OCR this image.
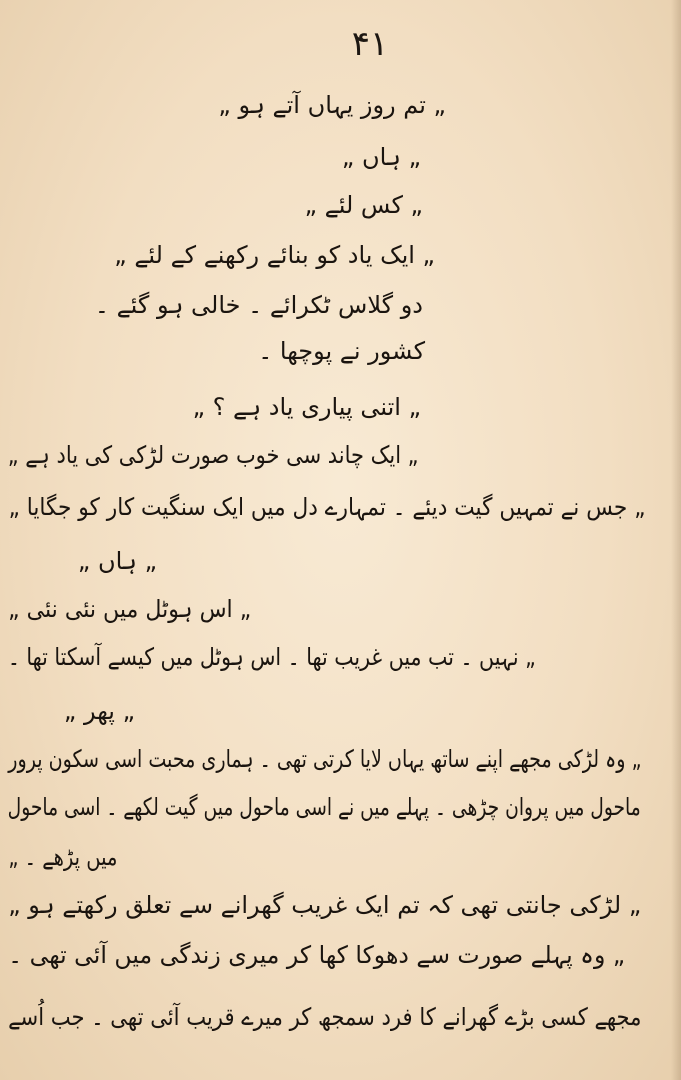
۴۱
„ تم روز یہاں آتے ہو „
„ ہاں „
„ کس لئے „
„ ایک یاد کو بنائے رکھنے کے لئے „
دو گلاس ٹکرائے ۔ خالی ہو گئے ۔
کشور نے پوچھا ۔
„ اتنی پیاری یاد ہے ؟ „
„ ایک چاند سی خوب صورت لڑکی کی یاد ہے „
„ جس نے تمہیں گیت دیئے ۔ تمہارے دل میں ایک سنگیت کار کو جگایا „
„ ہاں „
„ اس ہوٹل میں نئی نئی „
„ نہیں ۔ تب میں غریب تھا ۔ اس ہوٹل میں کیسے آسکتا تھا ۔
„ پھر „
„ وہ لڑکی مجھے اپنے ساتھ یہاں لایا کرتی تھی ۔ ہماری محبت اسی سکون پرور
ماحول میں پروان چڑھی ۔ پہلے میں نے اسی ماحول میں گیت لکھے ۔ اسی ماحول
میں پڑھے ۔ „
„ لڑکی جانتی تھی کہ تم ایک غریب گھرانے سے تعلق رکھتے ہو „
„ وہ پہلے صورت سے دھوکا کھا کر میری زندگی میں آئی تھی ۔
مجھے کسی بڑے گھرانے کا فرد سمجھ کر میرے قریب آئی تھی ۔ جب اُسے
